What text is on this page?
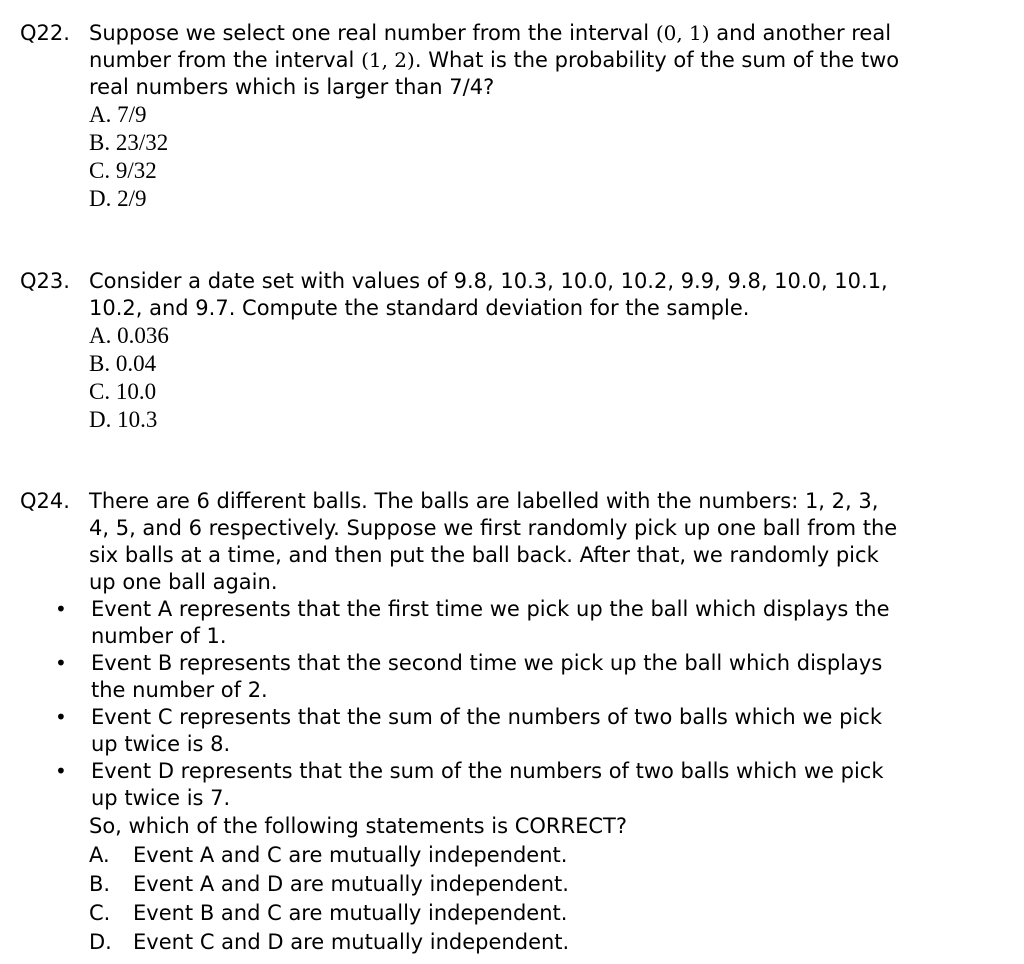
Q22. Suppose we select one real number from the interval (0, 1) and another real
number from the interval (1, 2). What is the probability of the sum of the two
real numbers which is larger than 7/4?
A. 7/9
B. 23/32
C. 9/32
D. 2/9
Q23. Consider a date set with values of 9.8, 10.3, 10.0, 10.2, 9.9, 9.8, 10.0, 10.1,
10.2, and 9.7. Compute the standard deviation for the sample.
A. 0.036
B. 0.04
C. 10.0
D. 10.3
Q24. There are 6 different balls. The balls are labelled with the numbers: 1, 2, 3,
4, 5, and 6 respectively. Suppose we first randomly pick up one ball from the
six balls at a time, and then put the ball back. After that, we randomly pick
up one ball again.
• Event A represents that the first time we pick up the ball which displays the
number of 1.
• Event B represents that the second time we pick up the ball which displays
the number of 2.
• Event C represents that the sum of the numbers of two balls which we pick
up twice is 8.
• Event D represents that the sum of the numbers of two balls which we pick
up twice is 7.
So, which of the following statements is CORRECT?
A. Event A and C are mutually independent.
B. Event A and D are mutually independent.
C. Event B and C are mutually independent.
D. Event C and D are mutually independent.
